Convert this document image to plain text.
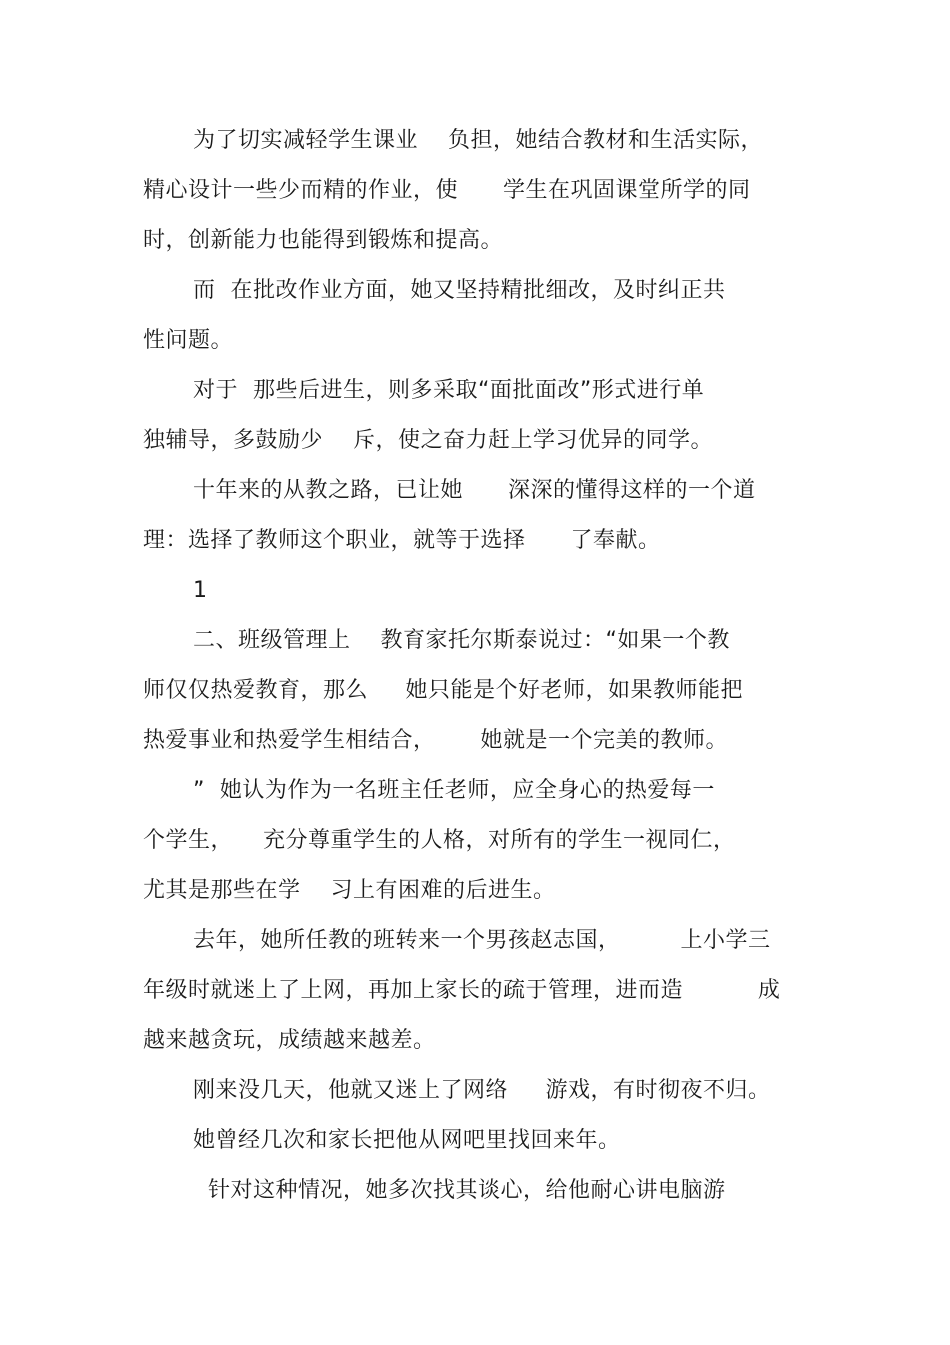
为了切实减轻学生课业    负担，她结合教材和生活实际，
精心设计一些少而精的作业，使      学生在巩固课堂所学的同
时，创新能力也能得到锻炼和提高。
而  在批改作业方面，她又坚持精批细改，及时纠正共
性问题。
对于  那些后进生，则多采取“面批面改”形式进行单
独辅导，多鼓励少    斥，使之奋力赶上学习优异的同学。
十年来的从教之路，已让她      深深的懂得这样的一个道
理：选择了教师这个职业，就等于选择      了奉献。
1
二、班级管理上    教育家托尔斯泰说过：“如果一个教
师仅仅热爱教育，那么     她只能是个好老师，如果教师能把
热爱事业和热爱学生相结合，      她就是一个完美的教师。
”  她认为作为一名班主任老师，应全身心的热爱每一
个学生，    充分尊重学生的人格，对所有的学生一视同仁，
尤其是那些在学    习上有困难的后进生。
去年，她所任教的班转来一个男孩赵志国，        上小学三
年级时就迷上了上网，再加上家长的疏于管理，进而造          成
越来越贪玩，成绩越来越差。
刚来没几天，他就又迷上了网络     游戏，有时彻夜不归。
她曾经几次和家长把他从网吧里找回来年。
针对这种情况，她多次找其谈心，给他耐心讲电脑游
